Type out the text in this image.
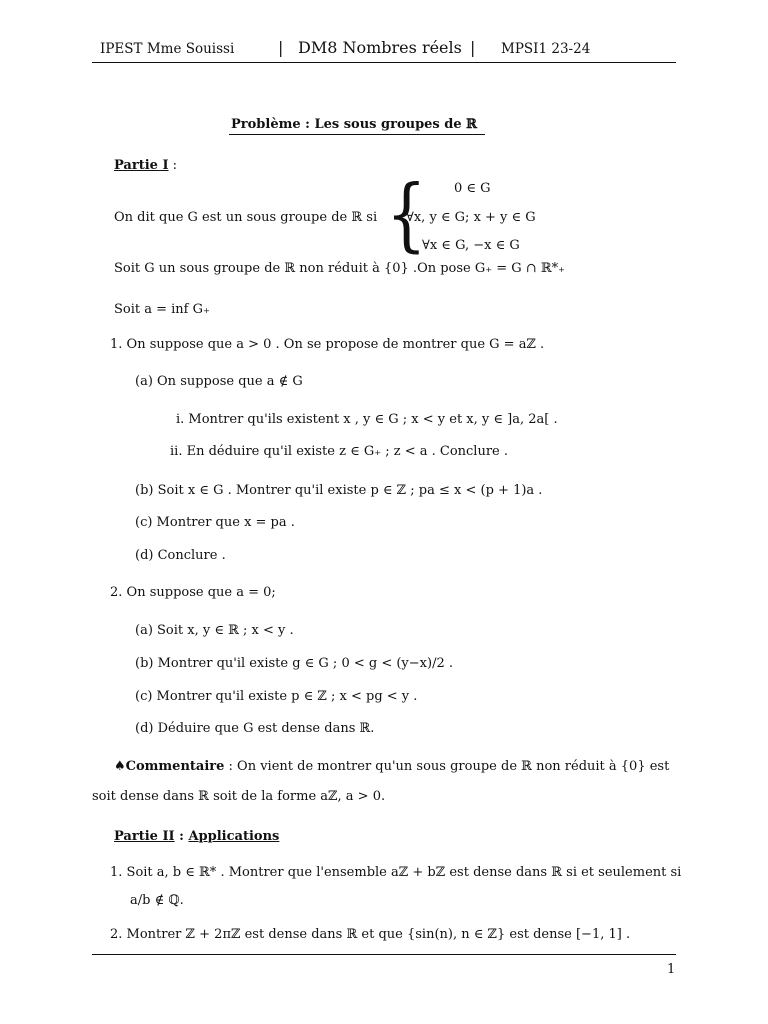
IPEST Mme Souissi	| DM8 Nombres réels | MPSI1 23-24
Problème : Les sous groupes de ℝ
Partie I :
On dit que G est un sous groupe de ℝ si { 0 ∈ G
∀x, y ∈ G; x + y ∈ G
∀x ∈ G, −x ∈ G
Soit G un sous groupe de ℝ non réduit à {0} .On pose G₊ = G ∩ ℝ*₊
Soit a = inf G₊
1. On suppose que a > 0 . On se propose de montrer que G = aℤ .
(a) On suppose que a ∉ G
i. Montrer qu'ils existent x , y ∈ G ; x < y et x, y ∈ ]a, 2a[ .
ii. En déduire qu'il existe z ∈ G₊ ; z < a . Conclure .
(b) Soit x ∈ G . Montrer qu'il existe p ∈ ℤ ; pa ≤ x < (p + 1)a .
(c) Montrer que x = pa .
(d) Conclure .
2. On suppose que a = 0;
(a) Soit x, y ∈ ℝ ; x < y .
(b) Montrer qu'il existe g ∈ G ; 0 < g < (y−x)/2 .
(c) Montrer qu'il existe p ∈ ℤ ; x < pg < y .
(d) Déduire que G est dense dans ℝ.
♠Commentaire : On vient de montrer qu'un sous groupe de ℝ non réduit à {0} est
soit dense dans ℝ soit de la forme aℤ, a > 0.
Partie II : Applications
1. Soit a, b ∈ ℝ* . Montrer que l'ensemble aℤ + bℤ est dense dans ℝ si et seulement si
a/b ∉ ℚ.
2. Montrer ℤ + 2πℤ est dense dans ℝ et que {sin(n), n ∈ ℤ} est dense [−1, 1] .
1
